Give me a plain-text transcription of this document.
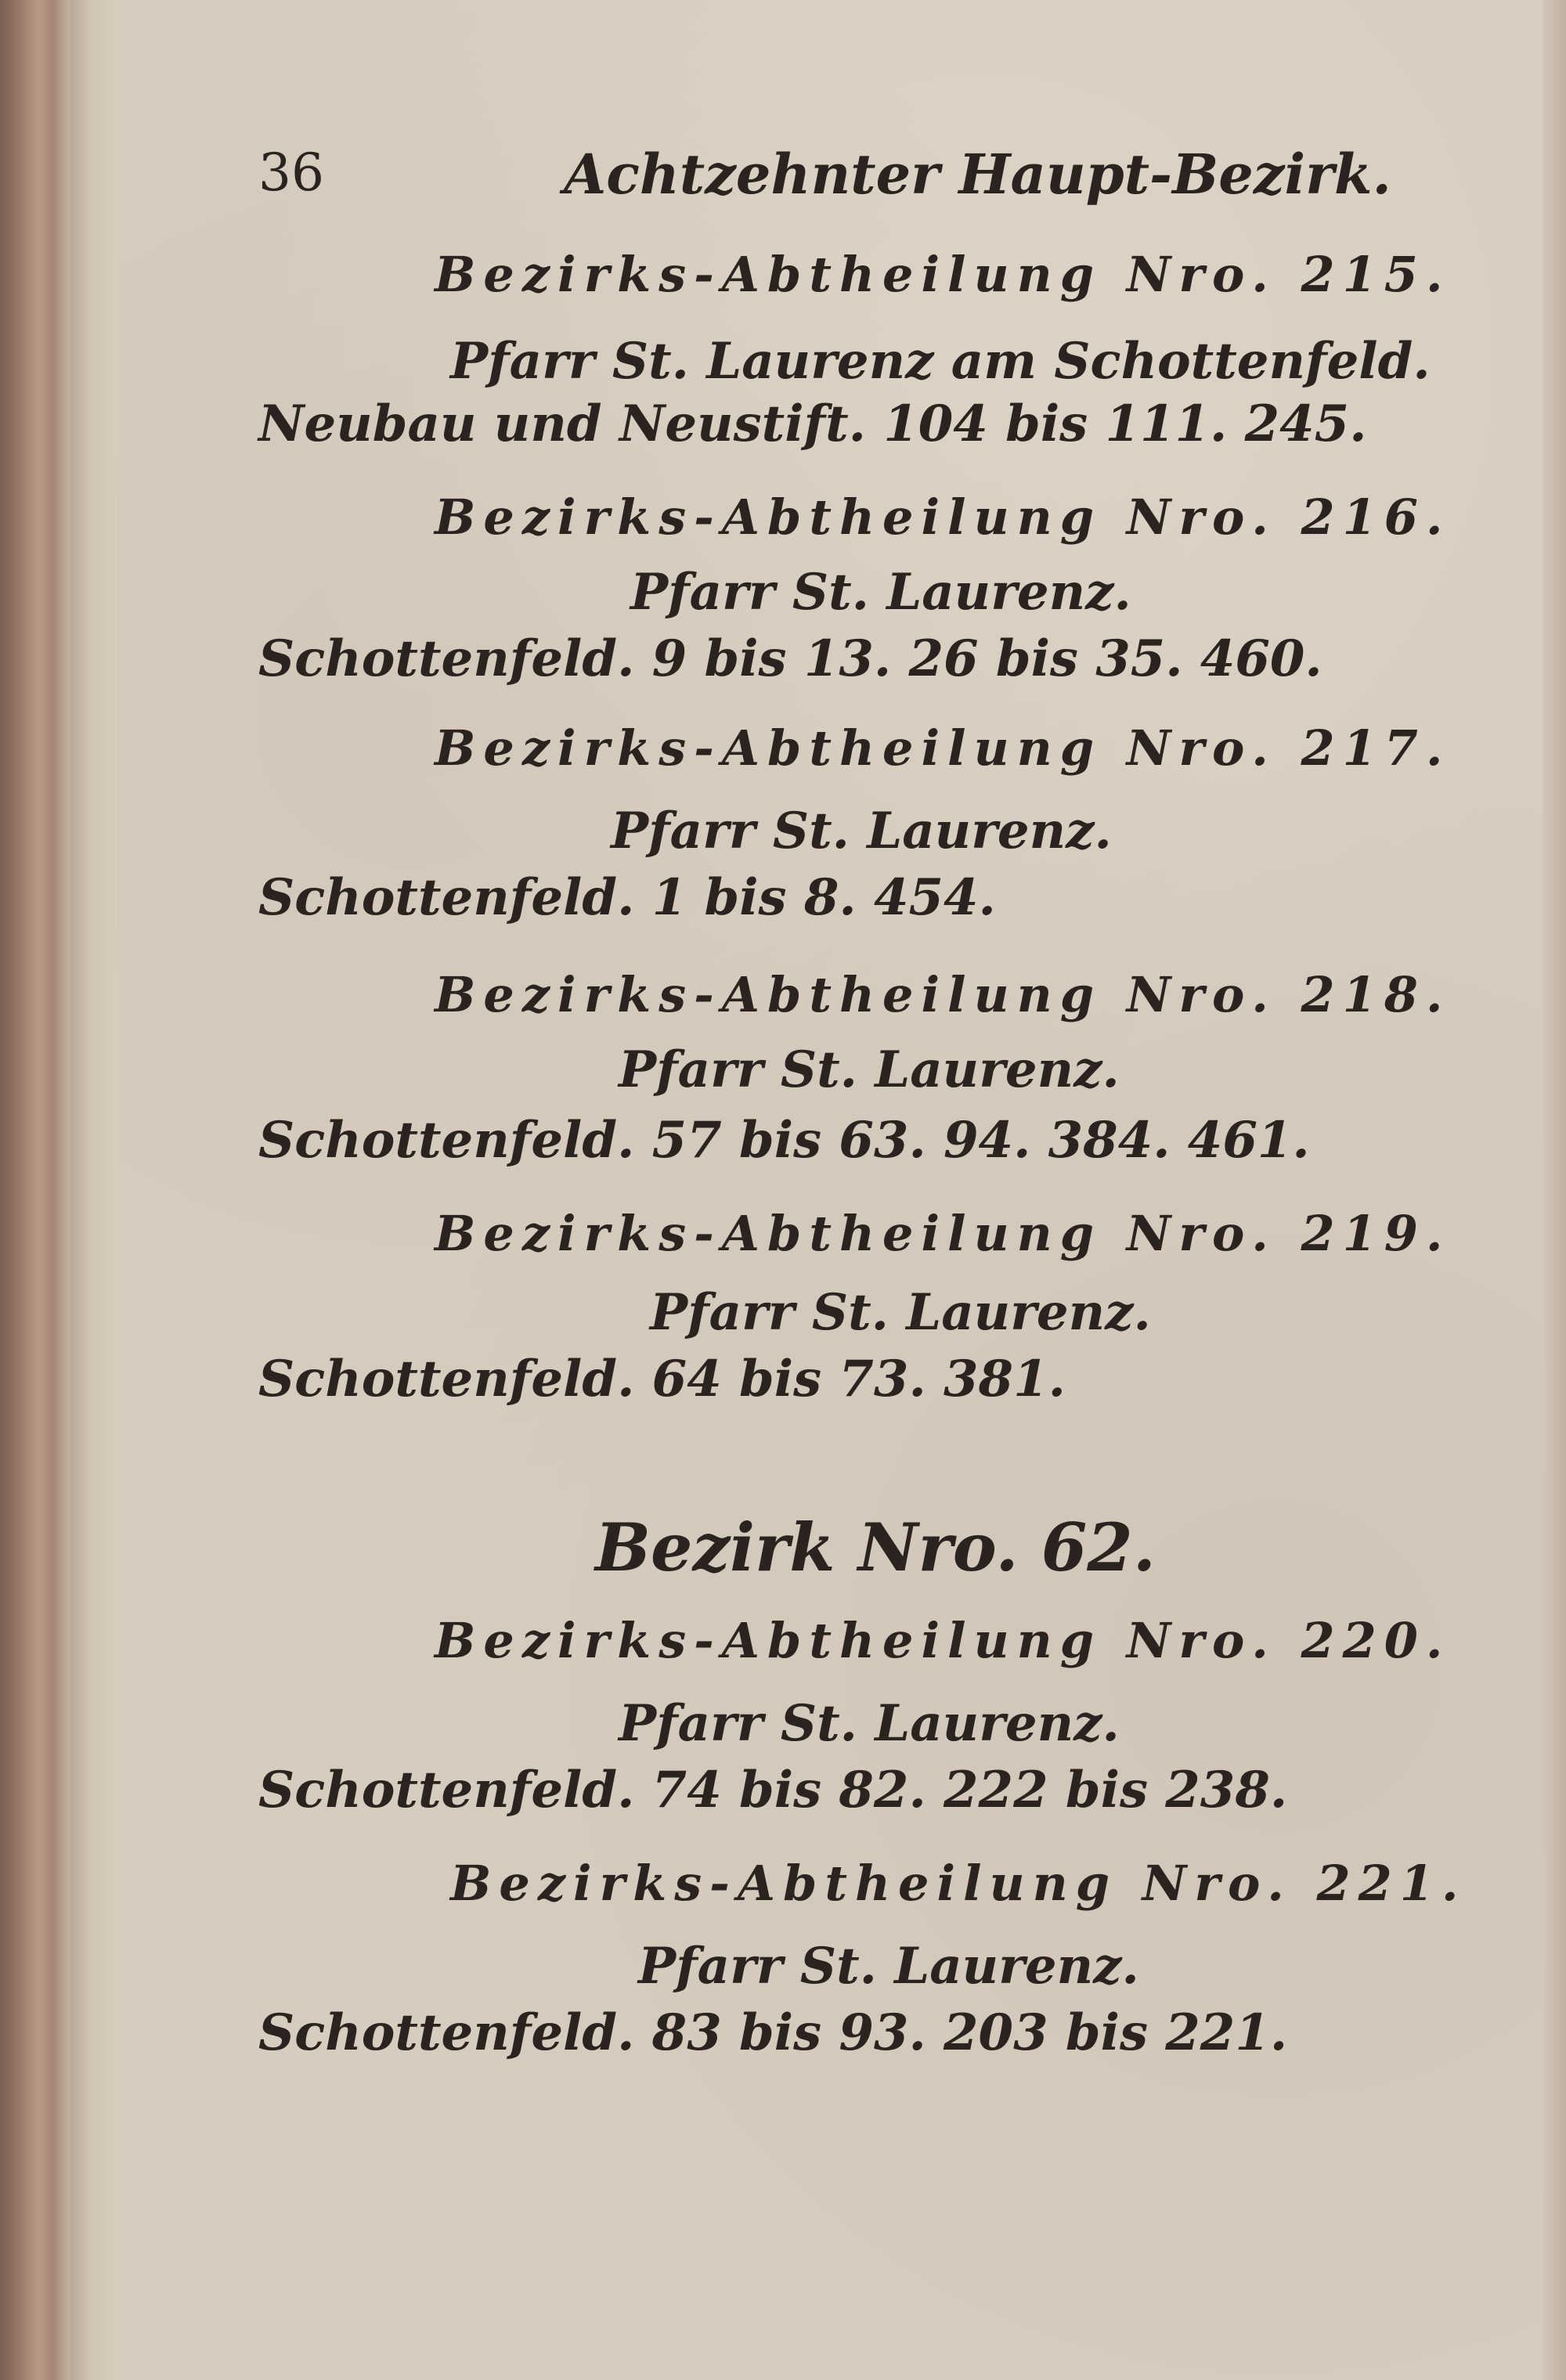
36	Achtzehnter Haupt-Bezirk.
Bezirks-Abtheilung Nro. 215.
Pfarr St. Laurenz am Schottenfeld.
Neubau und Neustift. 104 bis 111. 245.
Bezirks-Abtheilung Nro. 216.
Pfarr St. Laurenz.
Schottenfeld. 9 bis 13. 26 bis 35. 460.
Bezirks-Abtheilung Nro. 217.
Pfarr St. Laurenz.
Schottenfeld. 1 bis 8. 454.
Bezirks-Abtheilung Nro. 218.
Pfarr St. Laurenz.
Schottenfeld. 57 bis 63. 94. 384. 461.
Bezirks-Abtheilung Nro. 219.
Pfarr St. Laurenz.
Schottenfeld. 64 bis 73. 381.
Bezirk Nro. 62.
Bezirks-Abtheilung Nro. 220.
Pfarr St. Laurenz.
Schottenfeld. 74 bis 82. 222 bis 238.
Bezirks-Abtheilung Nro. 221.
Pfarr St. Laurenz.
Schottenfeld. 83 bis 93. 203 bis 221.
